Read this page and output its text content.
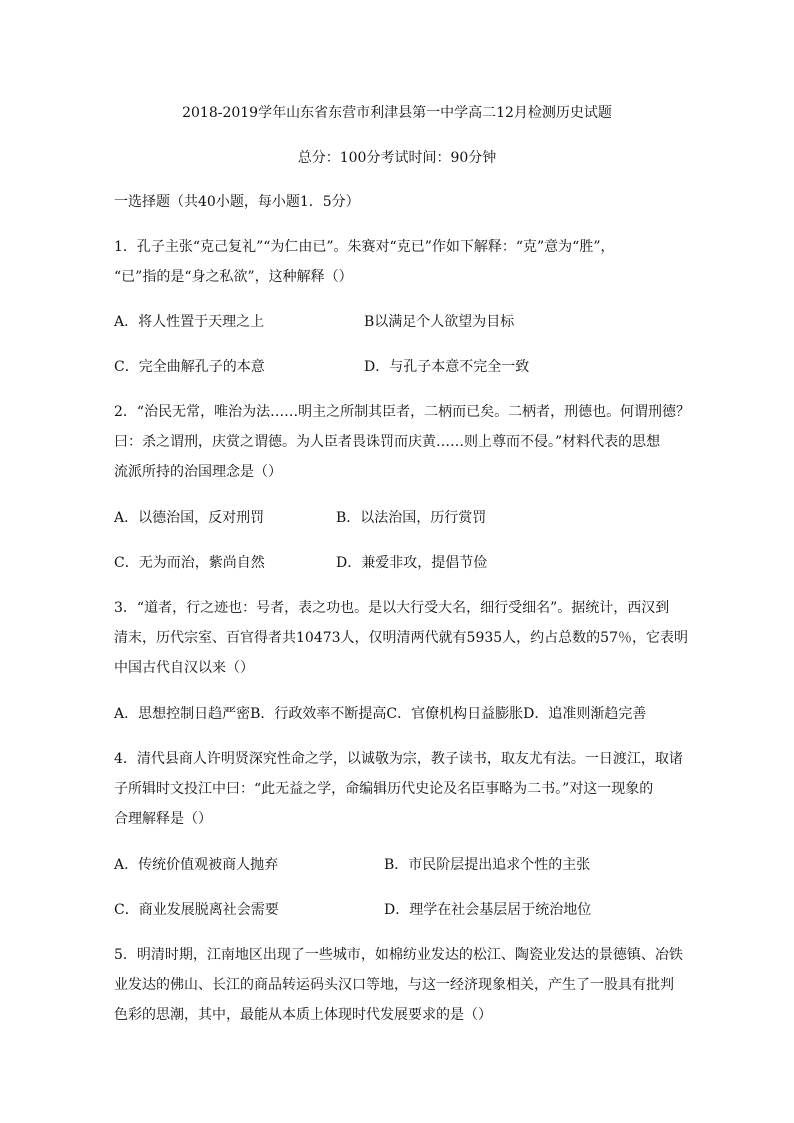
2018-2019学年山东省东营市利津县第一中学高二12月检测历史试题
总分：100分考试时间：90分钟
一选择题（共40小题，每小题1．5分）
1．孔子主张“克己复礼”“为仁由已”。朱赛对“克已”作如下解释：“克”意为“胜”，
“已”指的是“身之私欲”，这种解释（）
A．将人性置于天理之上	B以满足个人欲望为目标
C．完全曲解孔子的本意	D．与孔子本意不完全一致
2．“治民无常，唯治为法……明主之所制其臣者，二柄而已矣。二柄者，刑德也。何谓刑德？
曰：杀之谓刑，庆赏之谓德。为人臣者畏诛罚而庆黄……则上尊而不侵。”材料代表的思想
流派所持的治国理念是（）
A．以德治国，反对刑罚	B．以法治国，历行赏罚
C．无为而治，紫尚自然	D．兼爱非攻，提倡节俭
3．“道者，行之迹也：号者，表之功也。是以大行受大名，细行受细名”。据统计，西汉到
清末，历代宗室、百官得者共10473人，仅明清两代就有5935人，约占总数的57％，它表明
中国古代自汉以来（）
A．思想控制日趋严密B．行政效率不断提高C．官僚机构日益膨胀D．追准则渐趋完善
4．清代县商人许明贤深究性命之学，以诚敬为宗，教子读书，取友尤有法。一日渡江，取诸
子所辑时文投江中曰：“此无益之学，命编辑历代史论及名臣事略为二书。”对这一现象的
合理解释是（）
A．传统价值观被商人抛弃	B．市民阶层提出追求个性的主张
C．商业发展脱离社会需要	D．理学在社会基层居于统治地位
5．明清时期，江南地区出现了一些城市，如棉纺业发达的松江、陶瓷业发达的景德镇、冶铁
业发达的佛山、长江的商品转运码头汉口等地，与这一经济现象相关，产生了一股具有批判
色彩的思潮，其中，最能从本质上体现时代发展要求的是（）
